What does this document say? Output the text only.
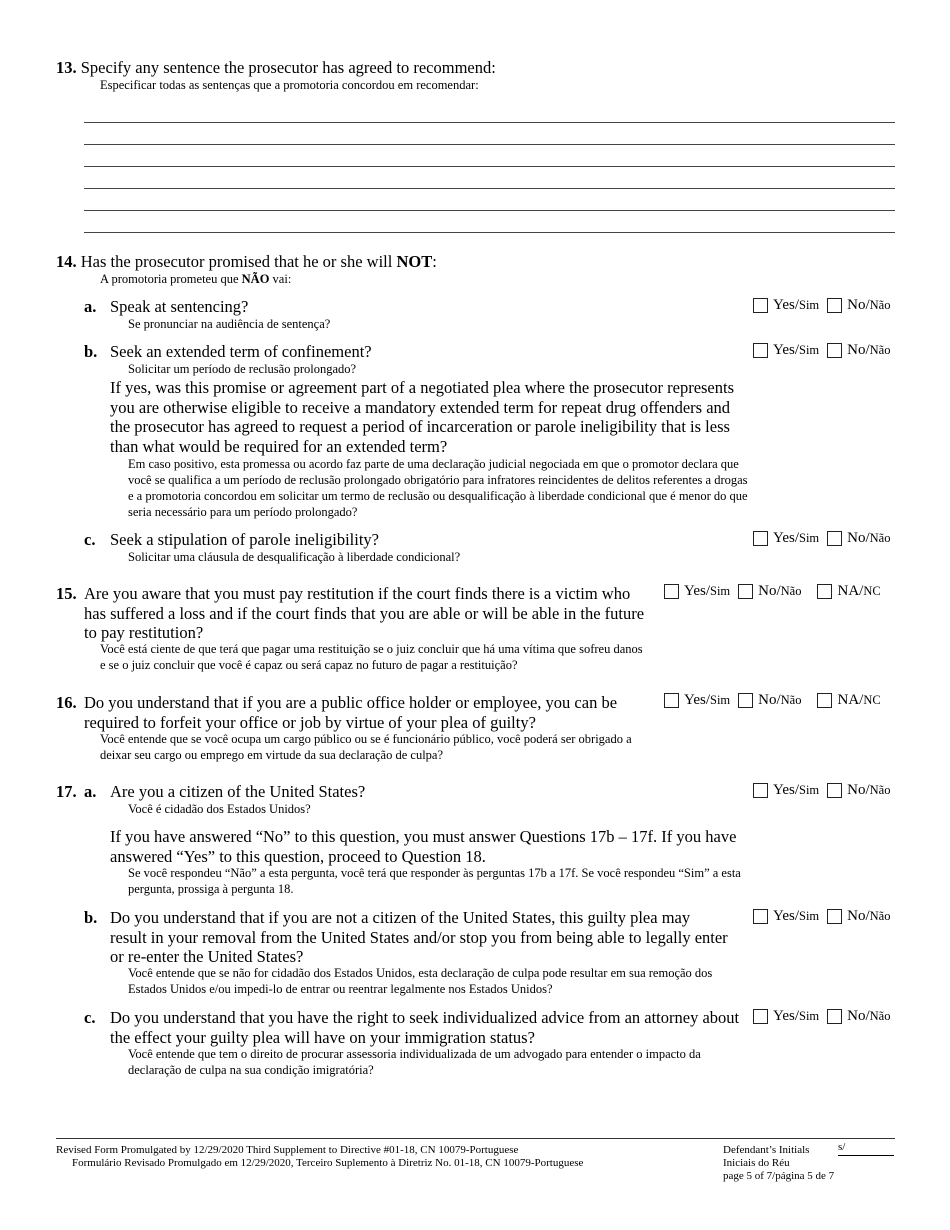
13. Specify any sentence the prosecutor has agreed to recommend:
Especificar todas as sentenças que a promotoria concordou em recomendar:
14. Has the prosecutor promised that he or she will NOT:
A promotoria prometeu que NÃO vai:
a. Speak at sentencing?
Se pronunciar na audiência de sentença?
Yes/ Sim No/ Não
b. Seek an extended term of confinement?
Solicitar um período de reclusão prolongado?
Yes/ Sim No/ Não
If yes, was this promise or agreement part of a negotiated plea where the prosecutor represents you are otherwise eligible to receive a mandatory extended term for repeat drug offenders and the prosecutor has agreed to request a period of incarceration or parole ineligibility that is less than what would be required for an extended term?
Em caso positivo, esta promessa ou acordo faz parte de uma declaração judicial negociada em que o promotor declara que você se qualifica a um período de reclusão prolongado obrigatório para infratores reincidentes de delitos referentes a drogas e a promotoria concordou em solicitar um termo de reclusão ou desqualificação à liberdade condicional que é menor do que seria necessário para um período prolongado?
c. Seek a stipulation of parole ineligibility?
Solicitar uma cláusula de desqualificação à liberdade condicional?
Yes/ Sim No/ Não
15. Are you aware that you must pay restitution if the court finds there is a victim who has suffered a loss and if the court finds that you are able or will be able in the future to pay restitution?
Você está ciente de que terá que pagar uma restituição se o juiz concluir que há uma vítima que sofreu danos e se o juiz concluir que você é capaz ou será capaz no futuro de pagar a restituição?
Yes/ Sim No/ Não NA/ NC
16. Do you understand that if you are a public office holder or employee, you can be required to forfeit your office or job by virtue of your plea of guilty?
Você entende que se você ocupa um cargo público ou se é funcionário público, você poderá ser obrigado a deixar seu cargo ou emprego em virtude da sua declaração de culpa?
Yes/ Sim No/ Não NA/ NC
17. a. Are you a citizen of the United States?
Você é cidadão dos Estados Unidos?
Yes/ Sim No/ Não
If you have answered “No” to this question, you must answer Questions 17b – 17f. If you have answered “Yes” to this question, proceed to Question 18.
Se você respondeu “Não” a esta pergunta, você terá que responder às perguntas 17b a 17f. Se você respondeu “Sim” a esta pergunta, prossiga à pergunta 18.
b. Do you understand that if you are not a citizen of the United States, this guilty plea may result in your removal from the United States and/or stop you from being able to legally enter or re-enter the United States?
Você entende que se não for cidadão dos Estados Unidos, esta declaração de culpa pode resultar em sua remoção dos Estados Unidos e/ou impedi-lo de entrar ou reentrar legalmente nos Estados Unidos?
Yes/ Sim No/ Não
c. Do you understand that you have the right to seek individualized advice from an attorney about the effect your guilty plea will have on your immigration status?
Você entende que tem o direito de procurar assessoria individualizada de um advogado para entender o impacto da declaração de culpa na sua condição imigratória?
Yes/ Sim No/ Não
Revised Form Promulgated by 12/29/2020 Third Supplement to Directive #01-18, CN 10079-Portuguese
Formulário Revisado Promulgado em 12/29/2020, Terceiro Suplemento à Diretriz No. 01-18, CN 10079-Portuguese
Defendant’s Initials	s/
Iniciais do Réu
page 5 of 7/página 5 de 7
